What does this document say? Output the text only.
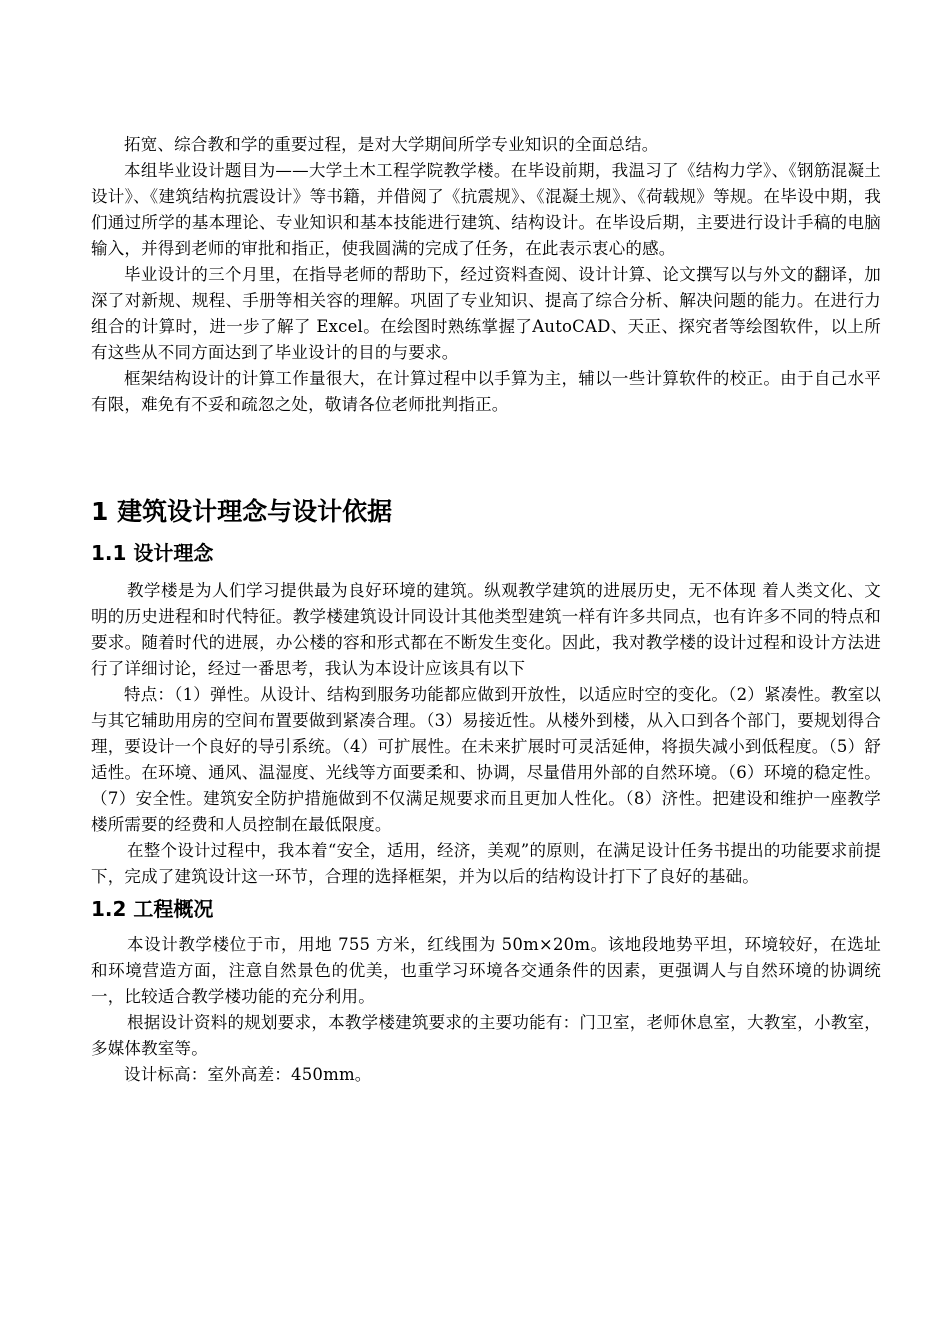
拓宽、综合教和学的重要过程，是对大学期间所学专业知识的全面总结。

本组毕业设计题目为——大学土木工程学院教学楼。在毕设前期，我温习了《结构力学》、《钢筋混凝土设计》、《建筑结构抗震设计》等书籍，并借阅了《抗震规》、《混凝土规》、《荷载规》等规。在毕设中期，我们通过所学的基本理论、专业知识和基本技能进行建筑、结构设计。在毕设后期，主要进行设计手稿的电脑输入，并得到老师的审批和指正，使我圆满的完成了任务，在此表示衷心的感。

毕业设计的三个月里，在指导老师的帮助下，经过资料查阅、设计计算、论文撰写以与外文的翻译，加深了对新规、规程、手册等相关容的理解。巩固了专业知识、提高了综合分析、解决问题的能力。在进行力组合的计算时，进一步了解了 Excel。在绘图时熟练掌握了AutoCAD、天正、探究者等绘图软件，以上所有这些从不同方面达到了毕业设计的目的与要求。

框架结构设计的计算工作量很大，在计算过程中以手算为主，辅以一些计算软件的校正。由于自己水平有限，难免有不妥和疏忽之处，敬请各位老师批判指正。

1 建筑设计理念与设计依据
1.1 设计理念

教学楼是为人们学习提供最为良好环境的建筑。纵观教学建筑的进展历史，无不体现 着人类文化、文明的历史进程和时代特征。教学楼建筑设计同设计其他类型建筑一样有许多共同点，也有许多不同的特点和要求。随着时代的进展，办公楼的容和形式都在不断发生变化。因此，我对教学楼的设计过程和设计方法进行了详细讨论，经过一番思考，我认为本设计应该具有以下

特点：（1）弹性。从设计、结构到服务功能都应做到开放性，以适应时空的变化。（2）紧凑性。教室以与其它辅助用房的空间布置要做到紧凑合理。（3）易接近性。从楼外到楼，从入口到各个部门，要规划得合理，要设计一个良好的导引系统。（4）可扩展性。在未来扩展时可灵活延伸，将损失减小到低程度。（5）舒适性。在环境、通风、温湿度、光线等方面要柔和、协调，尽量借用外部的自然环境。（6）环境的稳定性。（7）安全性。建筑安全防护措施做到不仅满足规要求而且更加人性化。（8）济性。把建设和维护一座教学楼所需要的经费和人员控制在最低限度。

在整个设计过程中，我本着“安全，适用，经济，美观”的原则，在满足设计任务书提出的功能要求前提下，完成了建筑设计这一环节，合理的选择框架，并为以后的结构设计打下了良好的基础。

1.2 工程概况

本设计教学楼位于市，用地 755 方米，红线围为 50m×20m。该地段地势平坦，环境较好，在选址和环境营造方面，注意自然景色的优美，也重学习环境各交通条件的因素，更强调人与自然环境的协调统一，比较适合教学楼功能的充分利用。

根据设计资料的规划要求，本教学楼建筑要求的主要功能有：门卫室，老师休息室，大教室，小教室，多媒体教室等。

设计标高：室外高差：450mm。
